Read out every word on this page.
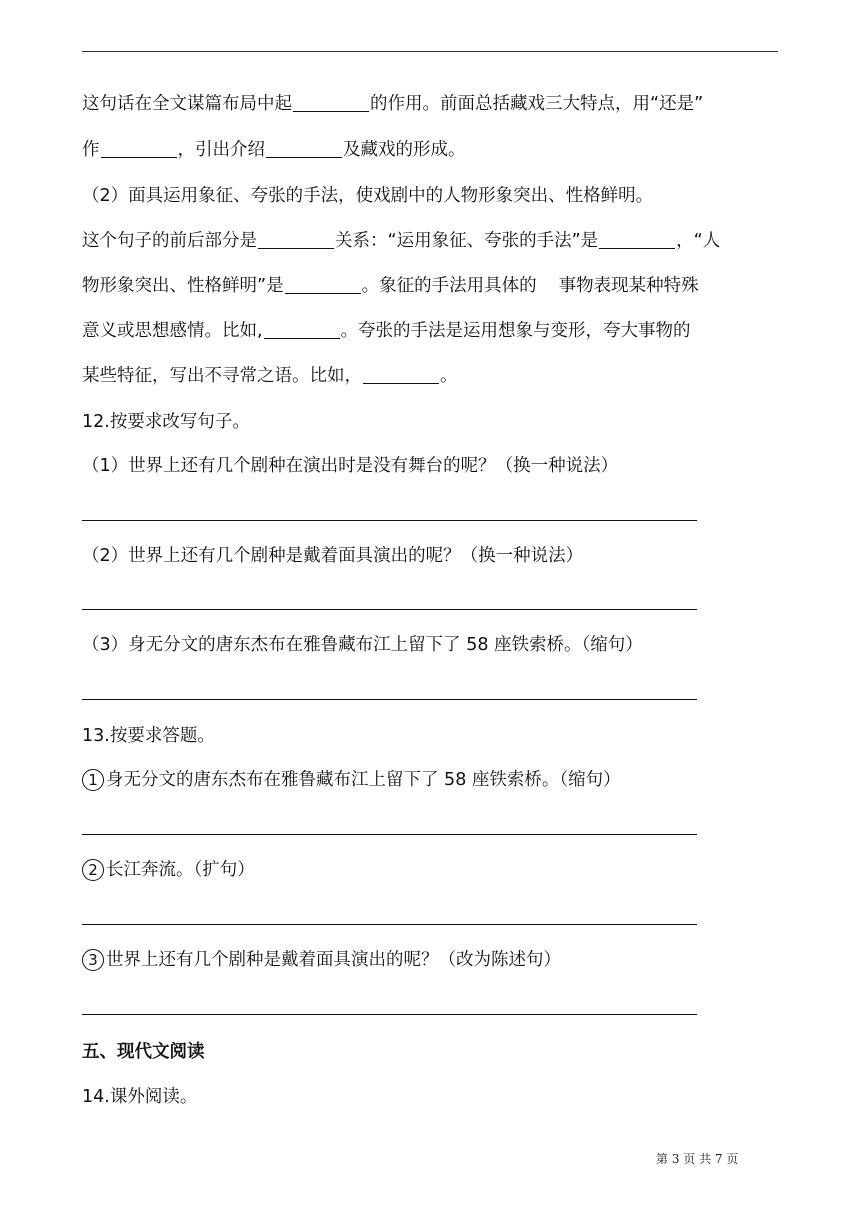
这句话在全文谋篇布局中起	的作用。前面总括藏戏三大特点，用“还是”
作	，引出介绍	及藏戏的形成。
（2）面具运用象征、夸张的手法，使戏剧中的人物形象突出、性格鲜明。
这个句子的前后部分是	关系：“运用象征、夸张的手法”是	，“人
物形象突出、性格鲜明”是	。象征的手法用具体的 事物表现某种特殊
意义或思想感情。比如,	。夸张的手法是运用想象与变形，夸大事物的
某些特征，写出不寻常之语。比如，	。
12.按要求改写句子。
（1）世界上还有几个剧种在演出时是没有舞台的呢？（换一种说法）
（2）世界上还有几个剧种是戴着面具演出的呢？（换一种说法）
（3）身无分文的唐东杰布在雅鲁藏布江上留下了 58 座铁索桥。（缩句）
13.按要求答题。
1 身无分文的唐东杰布在雅鲁藏布江上留下了 58 座铁索桥。（缩句）
2 长江奔流。（扩句）
3 世界上还有几个剧种是戴着面具演出的呢？（改为陈述句）
五、现代文阅读
14.课外阅读。
第 3 页 共 7 页
